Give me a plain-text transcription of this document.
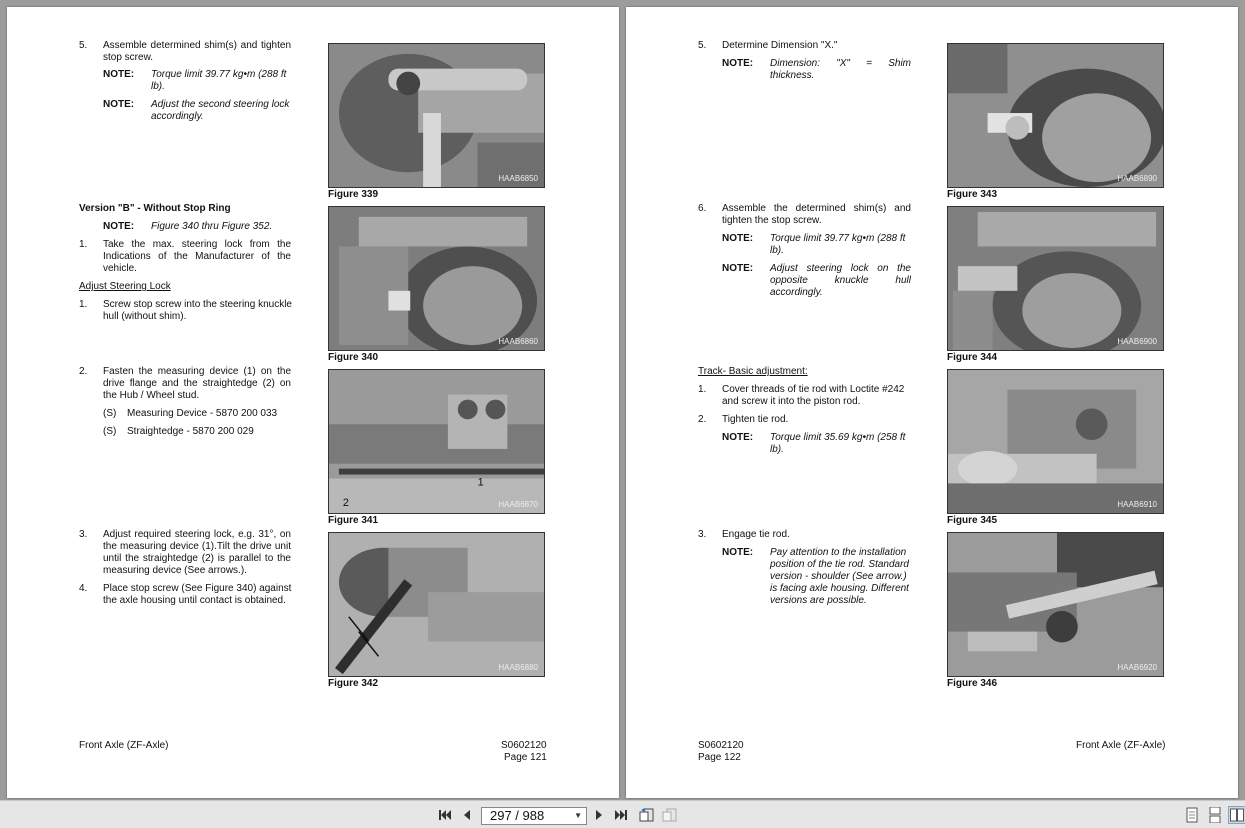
5. Assemble determined shim(s) and tighten stop screw.
NOTE: Torque limit 39.77 kg•m (288 ft lb).
NOTE: Adjust the second steering lock accordingly.
Version "B" - Without Stop Ring
NOTE: Figure 340 thru Figure 352.
1. Take the max. steering lock from the Indications of the Manufacturer of the vehicle.
Adjust Steering Lock
1. Screw stop screw into the steering knuckle hull (without shim).
2. Fasten the measuring device (1) on the drive flange and the straightedge (2) on the Hub / Wheel stud.
(S) Measuring Device - 5870 200 033
(S) Straightedge - 5870 200 029
3. Adjust required steering lock, e.g. 31°, on the measuring device (1).Tilt the drive unit until the straightedge (2) is parallel to the measuring device (See arrows.).
4. Place stop screw (See Figure 340) against the axle housing until contact is obtained.
HAAB6850
Figure 339
HAAB6860
Figure 340
2
1
HAAB6870
Figure 341
HAAB6880
Figure 342
Front Axle (ZF-Axle)	S0602120
Page 121
5. Determine Dimension "X."
NOTE: Dimension: "X" = Shim thickness.
6. Assemble the determined shim(s) and tighten the stop screw.
NOTE: Torque limit 39.77 kg•m (288 ft lb).
NOTE: Adjust steering lock on the opposite knuckle hull accordingly.
Track- Basic adjustment:
1. Cover threads of tie rod with Loctite #242 and screw it into the piston rod.
2. Tighten tie rod.
NOTE: Torque limit 35.69 kg•m (258 ft lb).
3. Engage tie rod.
NOTE: Pay attention to the installation position of the tie rod. Standard version - shoulder (See arrow.) is facing axle housing. Different versions are possible.
HAAB6890
Figure 343
HAAB6900
Figure 344
HAAB6910
Figure 345
HAAB6920
Figure 346
S0602120
Page 122
Front Axle (ZF-Axle)
297 / 988	▼
